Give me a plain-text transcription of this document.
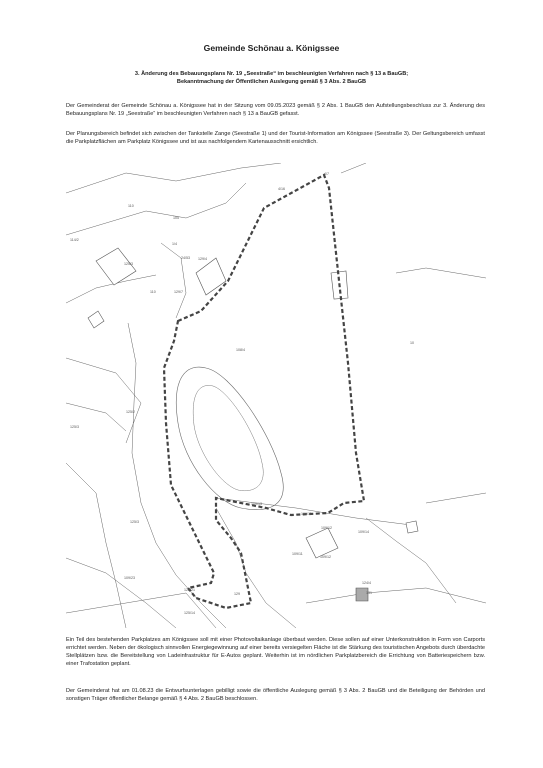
Gemeinde Schönau a. Königssee
3. Änderung des Bebauungsplans Nr. 19 „Seestraße“ im beschleunigten Verfahren nach § 13 a BauGB;
Bekanntmachung der Öffentlichen Auslegung gemäß § 3 Abs. 2 BauGB
Der Gemeinderat der Gemeinde Schönau a. Königssee hat in der Sitzung vom 09.05.2023 gemäß § 2 Abs. 1 BauGB den Aufstellungsbeschluss zur 3. Änderung des Bebauungsplans Nr. 19 „Seestraße“ im beschleunigten Verfahren nach § 13 a BauGB gefasst.
Der Planungsbereich befindet sich zwischen der Tankstelle Zange (Seestraße 1) und der Tourist-Information am Königssee (Seestraße 3). Der Geltungsbereich umfasst die Parkplatzflächen am Parkplatz Königssee und ist aus nachfolgendem Kartenausschnitt ersichtlich.
4/16
4/7
110
105
114/2
125/3
1/4
24/53 129/4
110	129/7
108/4
10
125/2
125/3
125/3
109/13
109/11
109/12
109/11
109/14
109/12
109/23
128/21
129
125/14
124/4
131
Ein Teil des bestehenden Parkplatzes am Königssee soll mit einer Photovoltaikanlage überbaut werden. Diese sollen auf einer Unterkonstruktion in Form von Carports errichtet werden. Neben der ökologisch sinnvollen Energiegewinnung auf einer bereits versiegelten Fläche ist die Stärkung des touristischen Angebots durch überdachte Stellplätzen bzw. die Bereitstellung von Ladeinfrastruktur für E-Autos geplant. Weiterhin ist im nördlichen Parkplatzbereich die Errichtung von Batteriespeichern bzw. einer Trafostation geplant.
Der Gemeinderat hat am 01.08.23 die Entwurfsunterlagen gebilligt sowie die öffentliche Auslegung gemäß § 3 Abs. 2 BauGB und die Beteiligung der Behörden und sonstigen Träger öffentlicher Belange gemäß § 4 Abs. 2 BauGB beschlossen.
